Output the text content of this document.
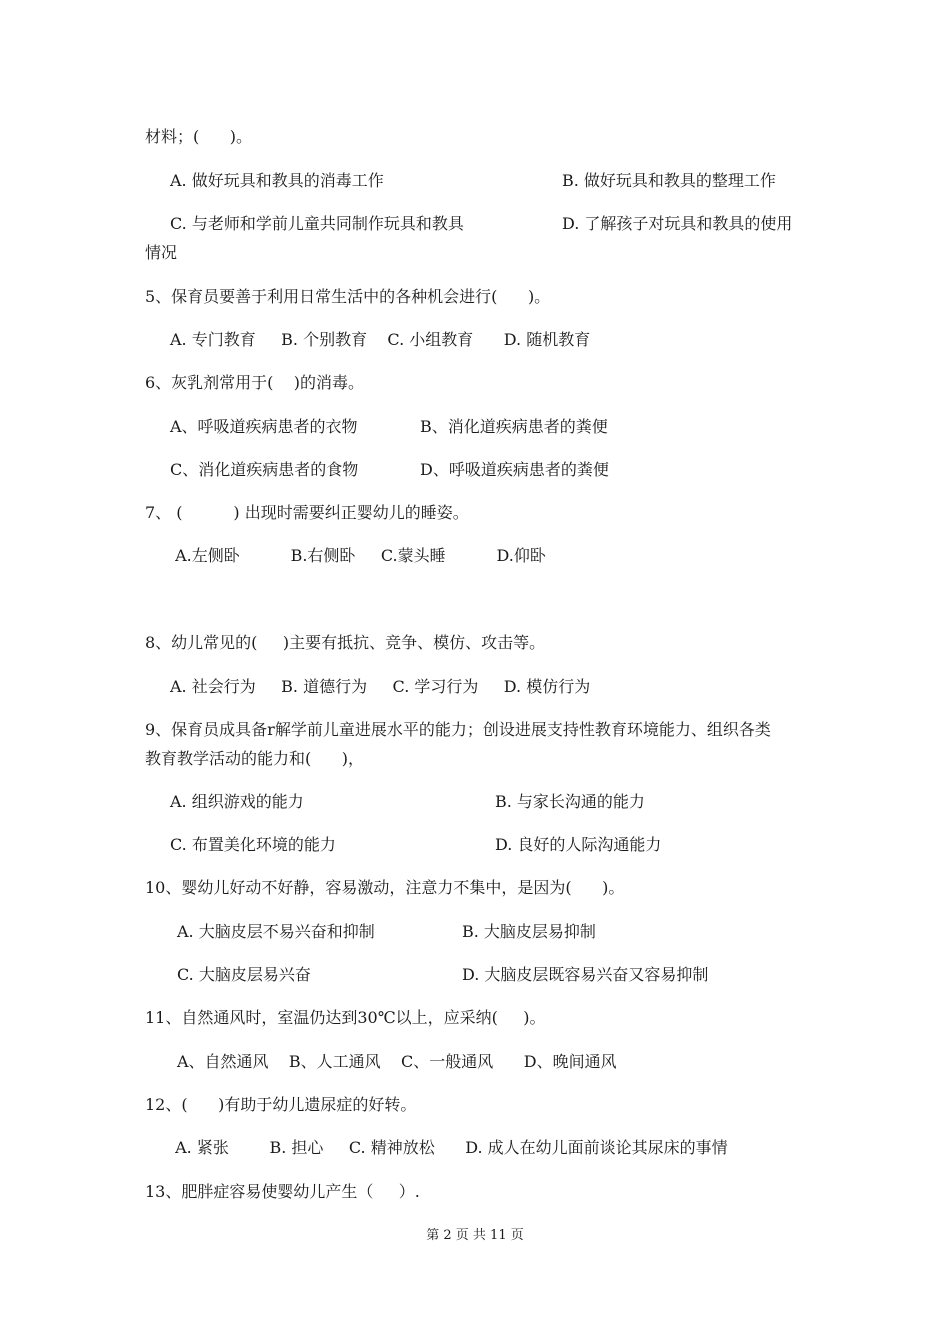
材料；(      )。
A. 做好玩具和教具的消毒工作	B. 做好玩具和教具的整理工作
C. 与老师和学前儿童共同制作玩具和教具	D. 了解孩子对玩具和教具的使用
情况
5、保育员要善于利用日常生活中的各种机会进行(      )。
A. 专门教育     B. 个别教育    C. 小组教育      D. 随机教育
6、灰乳剂常用于(    )的消毒。
A、呼吸道疾病患者的衣物	B、消化道疾病患者的粪便
C、消化道疾病患者的食物	D、呼吸道疾病患者的粪便
7、 (          ) 出现时需要纠正婴幼儿的睡姿。
A.左侧卧          B.右侧卧     C.蒙头睡          D.仰卧
8、幼儿常见的(     )主要有抵抗、竞争、模仿、攻击等。
A. 社会行为     B. 道德行为     C. 学习行为     D. 模仿行为
9、保育员成具备r解学前儿童进展水平的能力；创设进展支持性教育环境能力、组织各类
教育教学活动的能力和(      )，
A. 组织游戏的能力	B. 与家长沟通的能力
C. 布置美化环境的能力	D. 良好的人际沟通能力
10、婴幼儿好动不好静，容易激动，注意力不集中，是因为(      )。
A. 大脑皮层不易兴奋和抑制	B. 大脑皮层易抑制
C. 大脑皮层易兴奋	D. 大脑皮层既容易兴奋又容易抑制
11、自然通风时，室温仍达到30℃以上，应采纳(     )。
A、自然通风    B、人工通风    C、一般通风      D、晚间通风
12、(      )有助于幼儿遗尿症的好转。
A. 紧张        B. 担心     C. 精神放松      D. 成人在幼儿面前谈论其尿床的事情
13、肥胖症容易使婴幼儿产生（     ）.
第 2 页 共 11 页
